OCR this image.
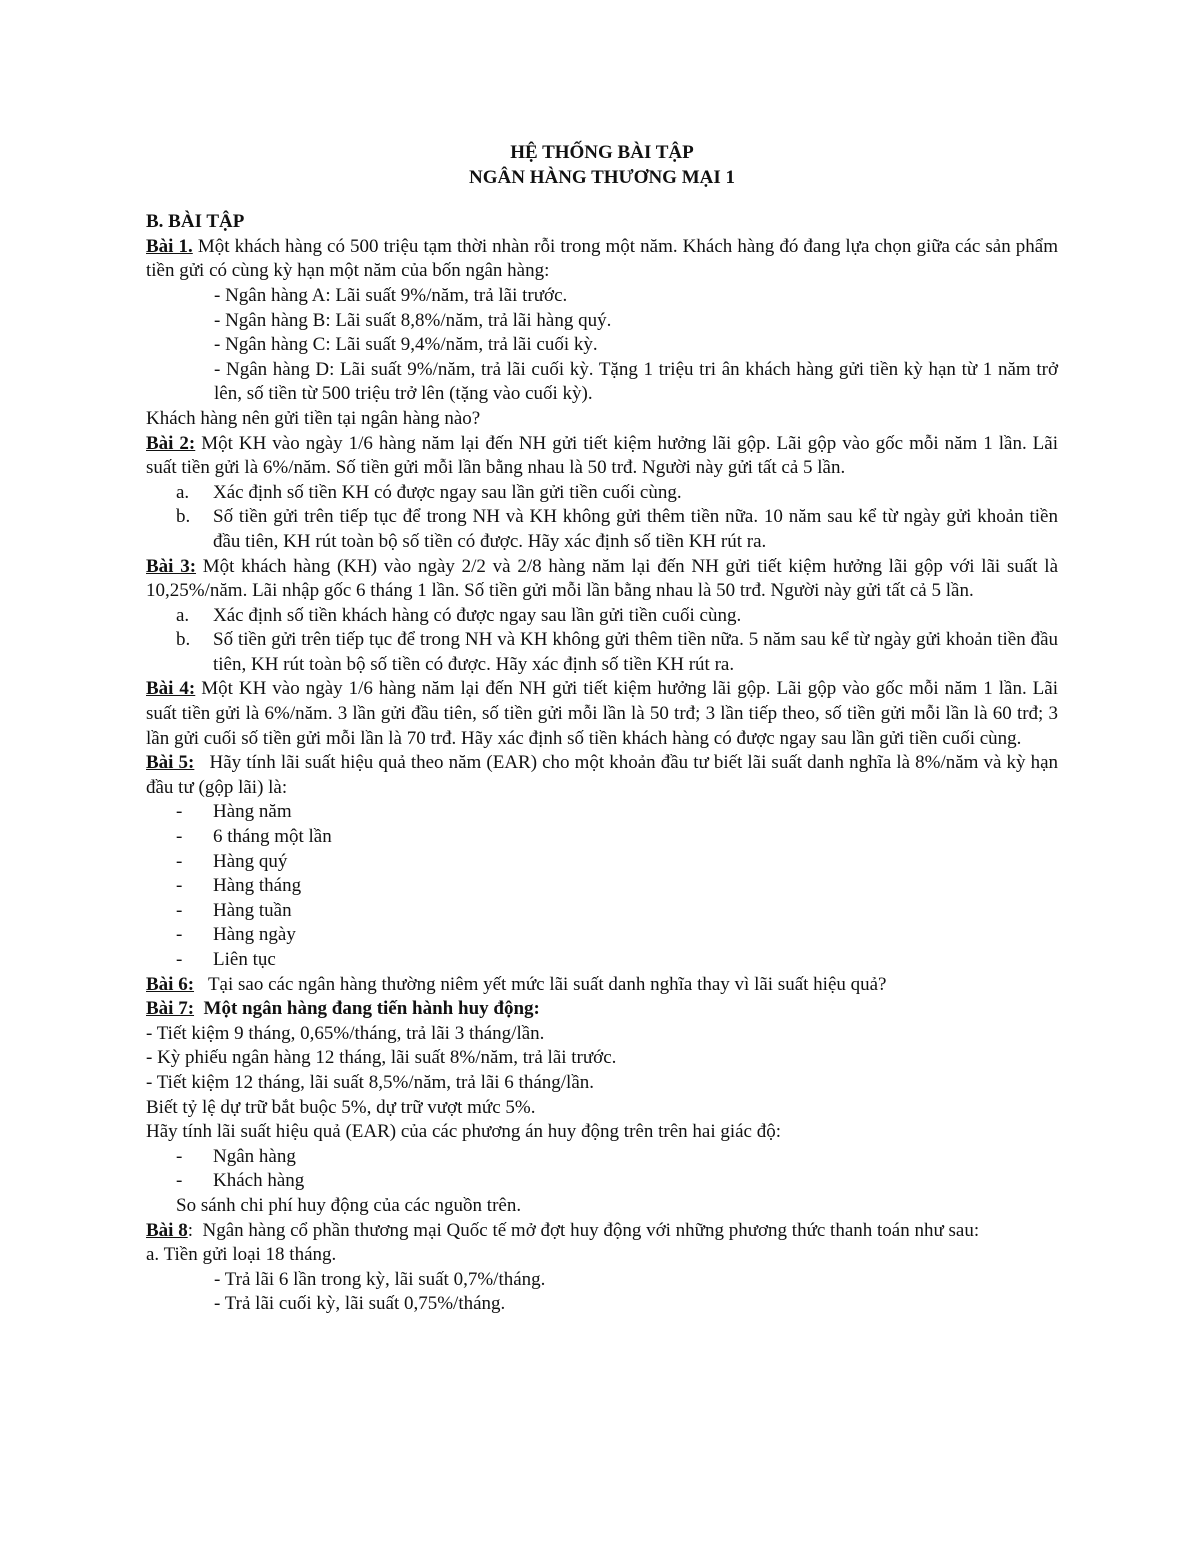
HỆ THỐNG BÀI TẬP
NGÂN HÀNG THƯƠNG MẠI 1
B. BÀI TẬP
Bài 1. Một khách hàng có 500 triệu tạm thời nhàn rỗi trong một năm. Khách hàng đó đang lựa chọn giữa các sản phẩm tiền gửi có cùng kỳ hạn một năm của bốn ngân hàng:
- Ngân hàng A: Lãi suất 9%/năm, trả lãi trước.
- Ngân hàng B: Lãi suất 8,8%/năm, trả lãi hàng quý.
- Ngân hàng C: Lãi suất 9,4%/năm, trả lãi cuối kỳ.
- Ngân hàng D: Lãi suất 9%/năm, trả lãi cuối kỳ. Tặng 1 triệu tri ân khách hàng gửi tiền kỳ hạn từ 1 năm trở lên, số tiền từ 500 triệu trở lên (tặng vào cuối kỳ).
Khách hàng nên gửi tiền tại ngân hàng nào?
Bài 2: Một KH vào ngày 1/6 hàng năm lại đến NH gửi tiết kiệm hưởng lãi gộp. Lãi gộp vào gốc mỗi năm 1 lần. Lãi suất tiền gửi là 6%/năm. Số tiền gửi mỗi lần bằng nhau là 50 trđ. Người này gửi tất cả 5 lần.
a. Xác định số tiền KH có được ngay sau lần gửi tiền cuối cùng.
b. Số tiền gửi trên tiếp tục để trong NH và KH không gửi thêm tiền nữa. 10 năm sau kể từ ngày gửi khoản tiền đầu tiên, KH rút toàn bộ số tiền có được. Hãy xác định số tiền KH rút ra.
Bài 3: Một khách hàng (KH) vào ngày 2/2 và 2/8 hàng năm lại đến NH gửi tiết kiệm hưởng lãi gộp với lãi suất là 10,25%/năm. Lãi nhập gốc 6 tháng 1 lần. Số tiền gửi mỗi lần bằng nhau là 50 trđ. Người này gửi tất cả 5 lần.
a. Xác định số tiền khách hàng có được ngay sau lần gửi tiền cuối cùng.
b. Số tiền gửi trên tiếp tục để trong NH và KH không gửi thêm tiền nữa. 5 năm sau kể từ ngày gửi khoản tiền đầu tiên, KH rút toàn bộ số tiền có được. Hãy xác định số tiền KH rút ra.
Bài 4: Một KH vào ngày 1/6 hàng năm lại đến NH gửi tiết kiệm hưởng lãi gộp. Lãi gộp vào gốc mỗi năm 1 lần. Lãi suất tiền gửi là 6%/năm. 3 lần gửi đầu tiên, số tiền gửi mỗi lần là 50 trđ; 3 lần tiếp theo, số tiền gửi mỗi lần là 60 trđ; 3 lần gửi cuối số tiền gửi mỗi lần là 70 trđ. Hãy xác định số tiền khách hàng có được ngay sau lần gửi tiền cuối cùng.
Bài 5:   Hãy tính lãi suất hiệu quả theo năm (EAR) cho một khoản đầu tư biết lãi suất danh nghĩa là 8%/năm và kỳ hạn đầu tư (gộp lãi) là:
- Hàng năm
- 6 tháng một lần
- Hàng quý
- Hàng tháng
- Hàng tuần
- Hàng ngày
- Liên tục
Bài 6:   Tại sao các ngân hàng thường niêm yết mức lãi suất danh nghĩa thay vì lãi suất hiệu quả?
Bài 7:  Một ngân hàng đang tiến hành huy động:
- Tiết kiệm 9 tháng, 0,65%/tháng, trả lãi 3 tháng/lần.
- Kỳ phiếu ngân hàng 12 tháng, lãi suất 8%/năm, trả lãi trước.
- Tiết kiệm 12 tháng, lãi suất 8,5%/năm, trả lãi 6 tháng/lần.
Biết tỷ lệ dự trữ bắt buộc 5%, dự trữ vượt mức 5%.
Hãy tính lãi suất hiệu quả (EAR) của các phương án huy động trên trên hai giác độ:
- Ngân hàng
- Khách hàng
So sánh chi phí huy động của các nguồn trên.
Bài 8:  Ngân hàng cổ phần thương mại Quốc tế mở đợt huy động với những phương thức thanh toán như sau:
a. Tiền gửi loại 18 tháng.
- Trả lãi 6 lần trong kỳ, lãi suất 0,7%/tháng.
- Trả lãi cuối kỳ, lãi suất 0,75%/tháng.
